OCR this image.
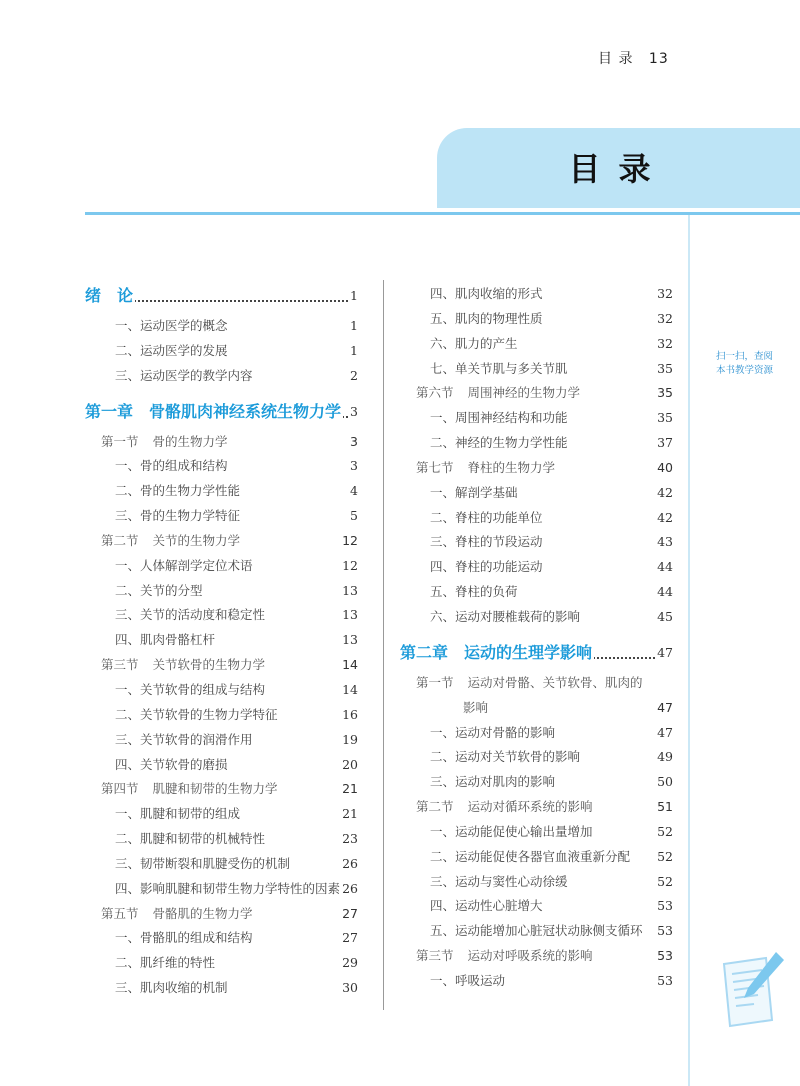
目 录 13
目录
绪　论	1
一、运动医学的概念	1
二、运动医学的发展	1
三、运动医学的教学内容	2
第一章　骨骼肌肉神经系统生物力学 3
第一节 骨的生物力学	3
一、骨的组成和结构	3
二、骨的生物力学性能	4
三、骨的生物力学特征	5
第二节 关节的生物力学	12
一、人体解剖学定位术语	12
二、关节的分型	13
三、关节的活动度和稳定性	13
四、肌肉骨骼杠杆	13
第三节 关节软骨的生物力学	14
一、关节软骨的组成与结构	14
二、关节软骨的生物力学特征	16
三、关节软骨的润滑作用	19
四、关节软骨的磨损	20
第四节 肌腱和韧带的生物力学	21
一、肌腱和韧带的组成	21
二、肌腱和韧带的机械特性	23
三、韧带断裂和肌腱受伤的机制	26
四、影响肌腱和韧带生物力学特性的因素 26
第五节 骨骼肌的生物力学	27
一、骨骼肌的组成和结构	27
二、肌纤维的特性	29
三、肌肉收缩的机制	30
四、肌肉收缩的形式	32
五、肌肉的物理性质	32
六、肌力的产生	32
七、单关节肌与多关节肌	35
第六节 周围神经的生物力学	35
一、周围神经结构和功能	35
二、神经的生物力学性能	37
第七节 脊柱的生物力学	40
一、解剖学基础	42
二、脊柱的功能单位	42
三、脊柱的节段运动	43
四、脊柱的功能运动	44
五、脊柱的负荷	44
六、运动对腰椎载荷的影响	45
第二章　运动的生理学影响	47
第一节 运动对骨骼、关节软骨、肌肉的
影响	47
一、运动对骨骼的影响	47
二、运动对关节软骨的影响	49
三、运动对肌肉的影响	50
第二节 运动对循环系统的影响	51
一、运动能促使心输出量增加	52
二、运动能促使各器官血液重新分配 52
三、运动与窦性心动徐缓	52
四、运动性心脏增大	53
五、运动能增加心脏冠状动脉侧支循环 53
第三节 运动对呼吸系统的影响	53
一、呼吸运动	53
扫一扫，查阅
本书教学资源
